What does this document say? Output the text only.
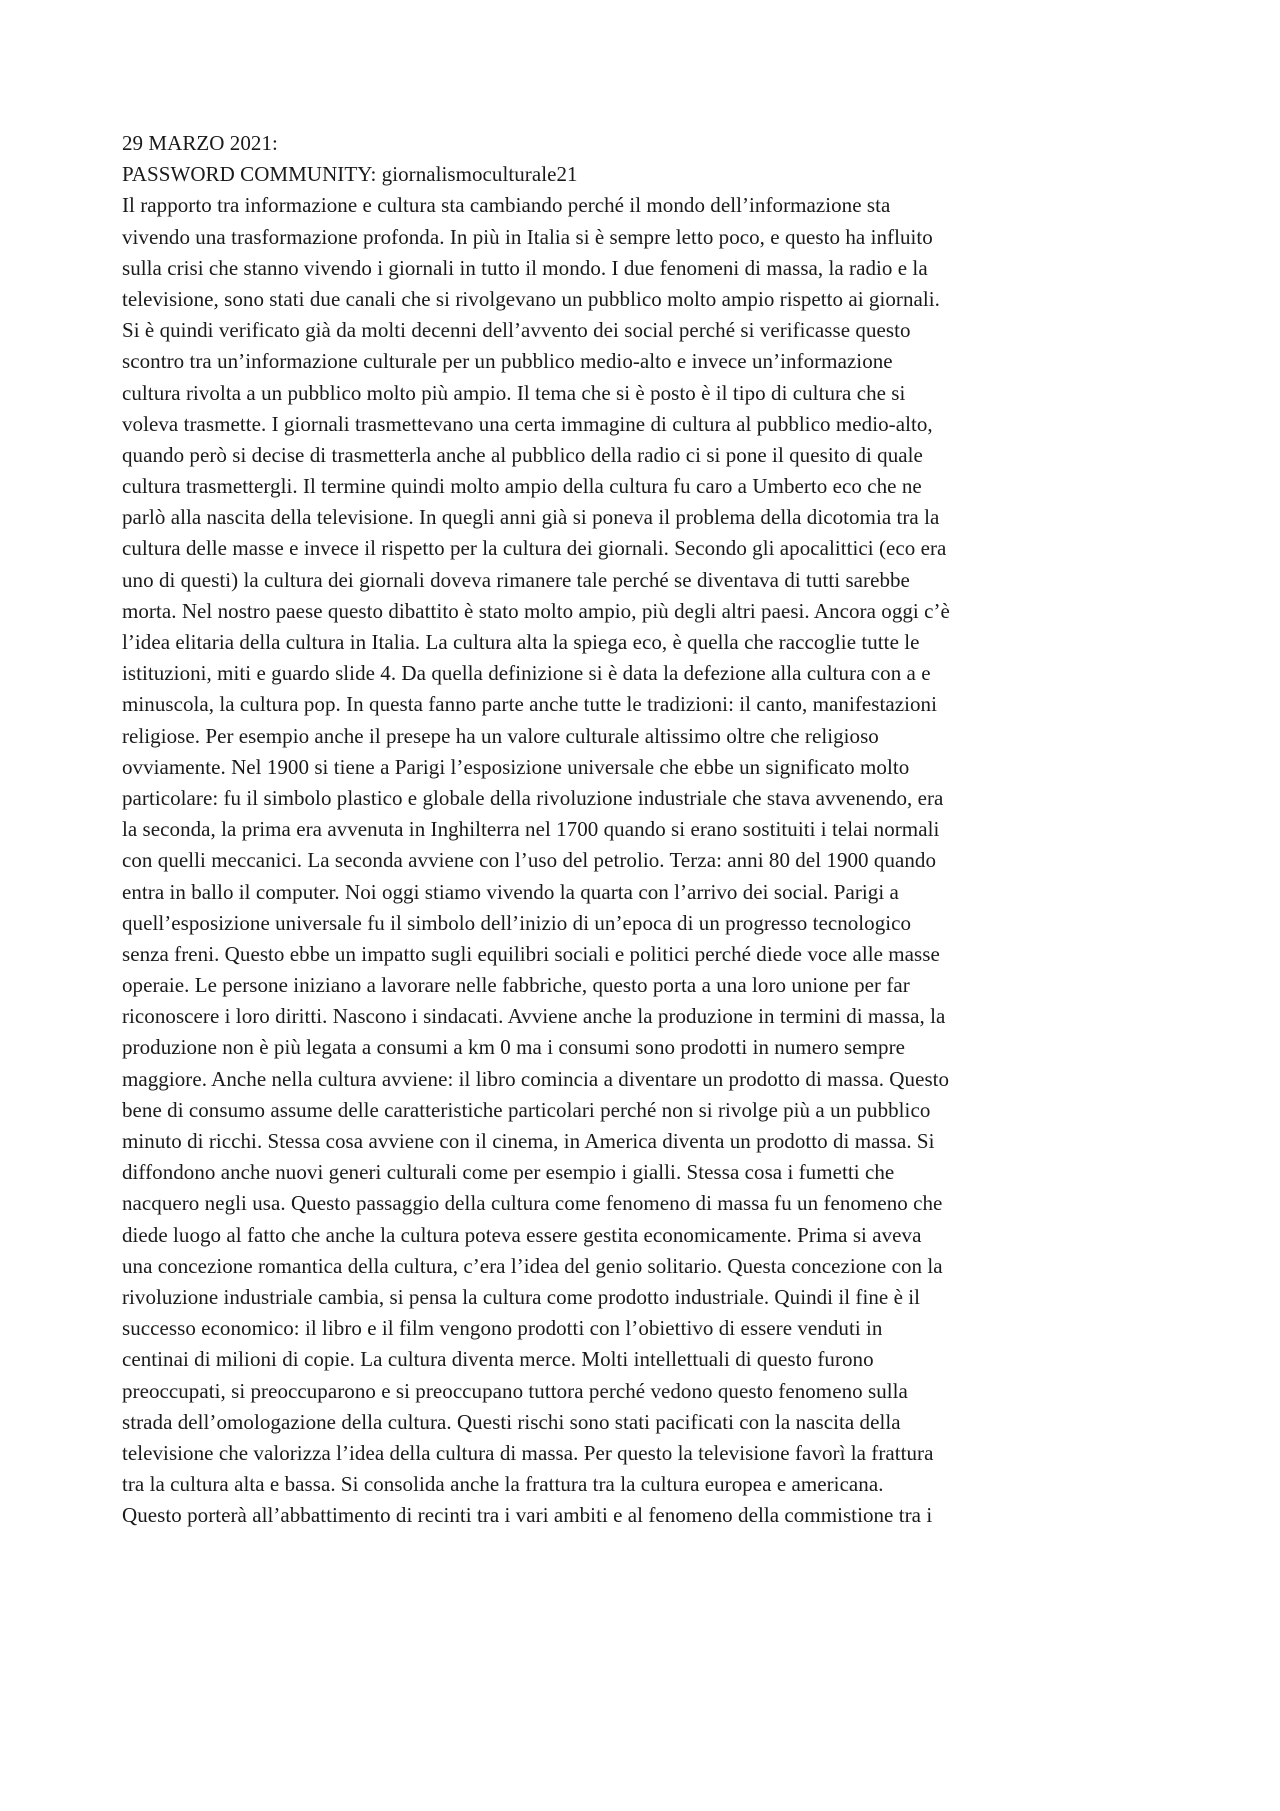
29 MARZO 2021:
PASSWORD COMMUNITY: giornalismoculturale21
Il rapporto tra informazione e cultura sta cambiando perché il mondo dell’informazione sta
vivendo una trasformazione profonda. In più in Italia si è sempre letto poco, e questo ha influito
sulla crisi che stanno vivendo i giornali in tutto il mondo. I due fenomeni di massa, la radio e la
televisione, sono stati due canali che si rivolgevano un pubblico molto ampio rispetto ai giornali.
Si è quindi verificato già da molti decenni dell’avvento dei social perché si verificasse questo
scontro tra un’informazione culturale per un pubblico medio-alto e invece un’informazione
cultura rivolta a un pubblico molto più ampio. Il tema che si è posto è il tipo di cultura che si
voleva trasmette. I giornali trasmettevano una certa immagine di cultura al pubblico medio-alto,
quando però si decise di trasmetterla anche al pubblico della radio ci si pone il quesito di quale
cultura trasmettergli. Il termine quindi molto ampio della cultura fu caro a Umberto eco che ne
parlò alla nascita della televisione. In quegli anni già si poneva il problema della dicotomia tra la
cultura delle masse e invece il rispetto per la cultura dei giornali. Secondo gli apocalittici (eco era
uno di questi) la cultura dei giornali doveva rimanere tale perché se diventava di tutti sarebbe
morta. Nel nostro paese questo dibattito è stato molto ampio, più degli altri paesi. Ancora oggi c’è
l’idea elitaria della cultura in Italia. La cultura alta la spiega eco, è quella che raccoglie tutte le
istituzioni, miti e guardo slide 4. Da quella definizione si è data la defezione alla cultura con a e
minuscola, la cultura pop. In questa fanno parte anche tutte le tradizioni: il canto, manifestazioni
religiose. Per esempio anche il presepe ha un valore culturale altissimo oltre che religioso
ovviamente. Nel 1900 si tiene a Parigi l’esposizione universale che ebbe un significato molto
particolare: fu il simbolo plastico e globale della rivoluzione industriale che stava avvenendo, era
la seconda, la prima era avvenuta in Inghilterra nel 1700 quando si erano sostituiti i telai normali
con quelli meccanici. La seconda avviene con l’uso del petrolio. Terza: anni 80 del 1900 quando
entra in ballo il computer. Noi oggi stiamo vivendo la quarta con l’arrivo dei social. Parigi a
quell’esposizione universale fu il simbolo dell’inizio di un’epoca di un progresso tecnologico
senza freni. Questo ebbe un impatto sugli equilibri sociali e politici perché diede voce alle masse
operaie. Le persone iniziano a lavorare nelle fabbriche, questo porta a una loro unione per far
riconoscere i loro diritti. Nascono i sindacati. Avviene anche la produzione in termini di massa, la
produzione non è più legata a consumi a km 0 ma i consumi sono prodotti in numero sempre
maggiore. Anche nella cultura avviene: il libro comincia a diventare un prodotto di massa. Questo
bene di consumo assume delle caratteristiche particolari perché non si rivolge più a un pubblico
minuto di ricchi. Stessa cosa avviene con il cinema, in America diventa un prodotto di massa. Si
diffondono anche nuovi generi culturali come per esempio i gialli. Stessa cosa i fumetti che
nacquero negli usa. Questo passaggio della cultura come fenomeno di massa fu un fenomeno che
diede luogo al fatto che anche la cultura poteva essere gestita economicamente. Prima si aveva
una concezione romantica della cultura, c’era l’idea del genio solitario. Questa concezione con la
rivoluzione industriale cambia, si pensa la cultura come prodotto industriale. Quindi il fine è il
successo economico: il libro e il film vengono prodotti con l’obiettivo di essere venduti in
centinai di milioni di copie. La cultura diventa merce. Molti intellettuali di questo furono
preoccupati, si preoccuparono e si preoccupano tuttora perché vedono questo fenomeno sulla
strada dell’omologazione della cultura. Questi rischi sono stati pacificati con la nascita della
televisione che valorizza l’idea della cultura di massa. Per questo la televisione favorì la frattura
tra la cultura alta e bassa. Si consolida anche la frattura tra la cultura europea e americana.
Questo porterà all’abbattimento di recinti tra i vari ambiti e al fenomeno della commistione tra i
